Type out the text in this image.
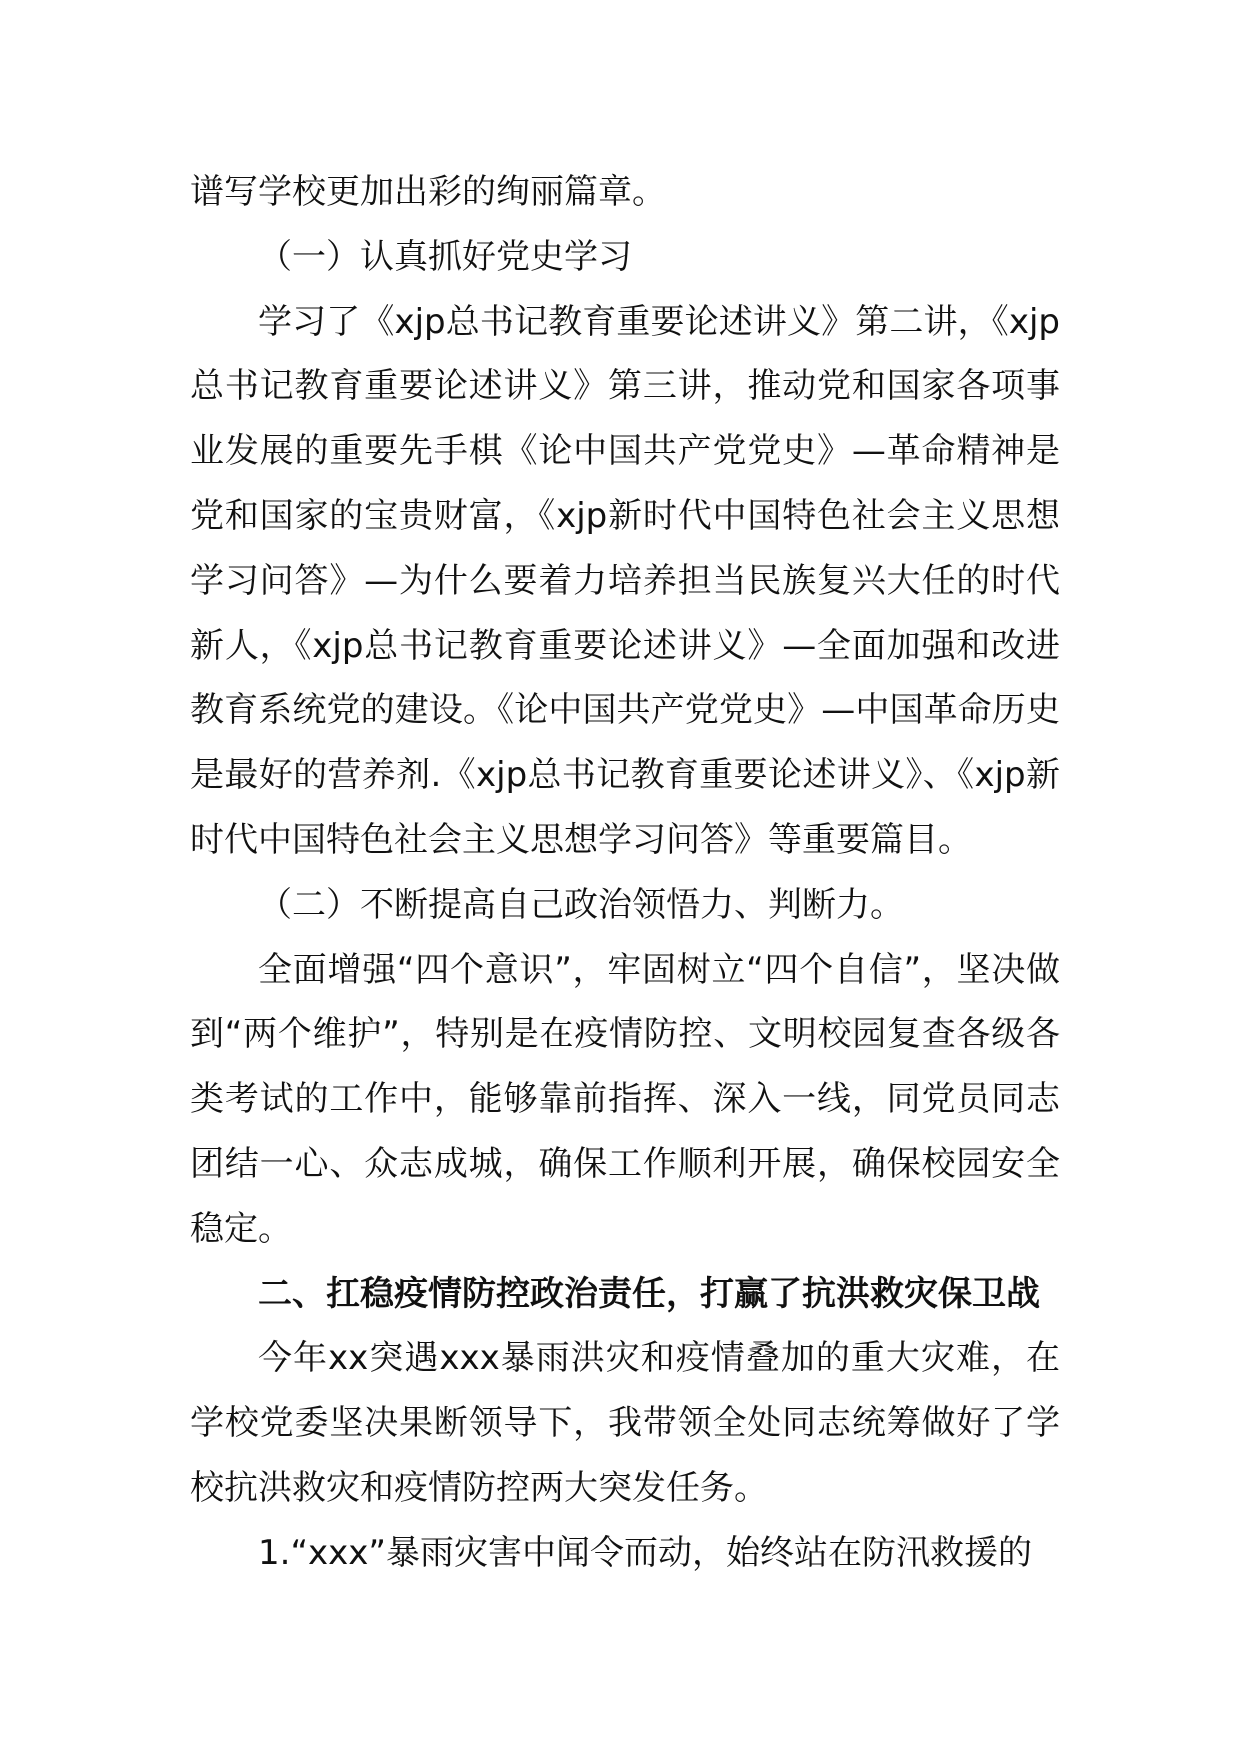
谱写学校更加出彩的绚丽篇章。

（一）认真抓好党史学习

学习了《xjp总书记教育重要论述讲义》第二讲，《xjp总书记教育重要论述讲义》第三讲，推动党和国家各项事业发展的重要先手棋《论中国共产党党史》—革命精神是党和国家的宝贵财富，《xjp新时代中国特色社会主义思想学习问答》—为什么要着力培养担当民族复兴大任的时代新人，《xjp总书记教育重要论述讲义》—全面加强和改进教育系统党的建设。《论中国共产党党史》—中国革命历史是最好的营养剂.《xjp总书记教育重要论述讲义》、《xjp新时代中国特色社会主义思想学习问答》等重要篇目。

（二）不断提高自己政治领悟力、判断力。

全面增强“四个意识”，牢固树立“四个自信”，坚决做到“两个维护”，特别是在疫情防控、文明校园复查各级各类考试的工作中，能够靠前指挥、深入一线，同党员同志团结一心、众志成城，确保工作顺利开展，确保校园安全稳定。

二、扛稳疫情防控政治责任，打赢了抗洪救灾保卫战

今年xx突遇xxx暴雨洪灾和疫情叠加的重大灾难，在学校党委坚决果断领导下，我带领全处同志统筹做好了学校抗洪救灾和疫情防控两大突发任务。

1.“xxx”暴雨灾害中闻令而动，始终站在防汛救援的
